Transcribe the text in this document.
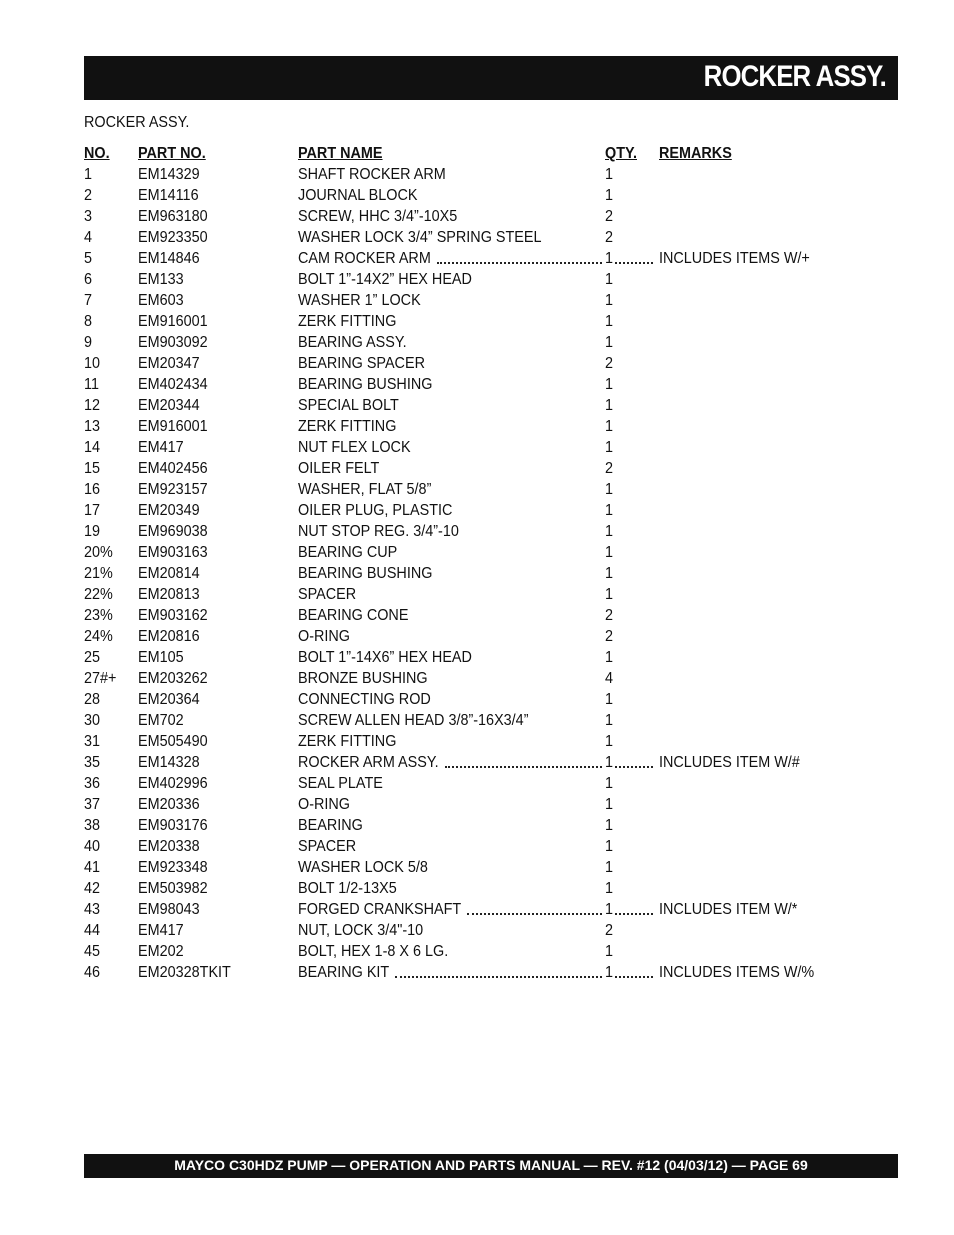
ROCKER ASSY.
ROCKER ASSY.
NO. PART NO.	PART NAME	QTY. REMARKS
1	EM14329	SHAFT ROCKER ARM	1
2	EM14116	JOURNAL BLOCK	1
3	EM963180	SCREW, HHC 3/4”-10X5	2
4	EM923350	WASHER LOCK 3/4” SPRING STEEL	2
5	EM14846	CAM ROCKER ARM	1	INCLUDES ITEMS W/+
6	EM133	BOLT 1”-14X2” HEX HEAD	1
7	EM603	WASHER 1” LOCK	1
8	EM916001	ZERK FITTING	1
9	EM903092	BEARING ASSY.	1
10 EM20347	BEARING SPACER	2
11 EM402434	BEARING BUSHING	1
12 EM20344	SPECIAL BOLT	1
13 EM916001	ZERK FITTING	1
14 EM417	NUT FLEX LOCK	1
15 EM402456	OILER FELT	2
16 EM923157	WASHER, FLAT 5/8”	1
17 EM20349	OILER PLUG, PLASTIC	1
19 EM969038	NUT STOP REG. 3/4”-10	1
20% EM903163	BEARING CUP	1
21% EM20814	BEARING BUSHING	1
22% EM20813	SPACER	1
23% EM903162	BEARING CONE	2
24% EM20816	O-RING	2
25 EM105	BOLT 1”-14X6” HEX HEAD	1
27#+ EM203262	BRONZE BUSHING	4
28 EM20364	CONNECTING ROD	1
30 EM702	SCREW ALLEN HEAD 3/8”-16X3/4”	1
31 EM505490	ZERK FITTING	1
35 EM14328	ROCKER ARM ASSY.	1	INCLUDES ITEM W/#
36 EM402996	SEAL PLATE	1
37 EM20336	O-RING	1
38 EM903176	BEARING	1
40 EM20338	SPACER	1
41 EM923348	WASHER LOCK 5/8	1
42 EM503982	BOLT 1/2-13X5	1
43 EM98043	FORGED CRANKSHAFT	1	INCLUDES ITEM W/*
44 EM417	NUT, LOCK 3/4"-10	2
45 EM202	BOLT, HEX 1-8 X 6 LG.	1
46 EM20328TKIT	BEARING KIT	1	INCLUDES ITEMS W/%
MAYCO C30HDZ PUMP — OPERATION AND PARTS MANUAL — REV. #12 (04/03/12) — PAGE 69
